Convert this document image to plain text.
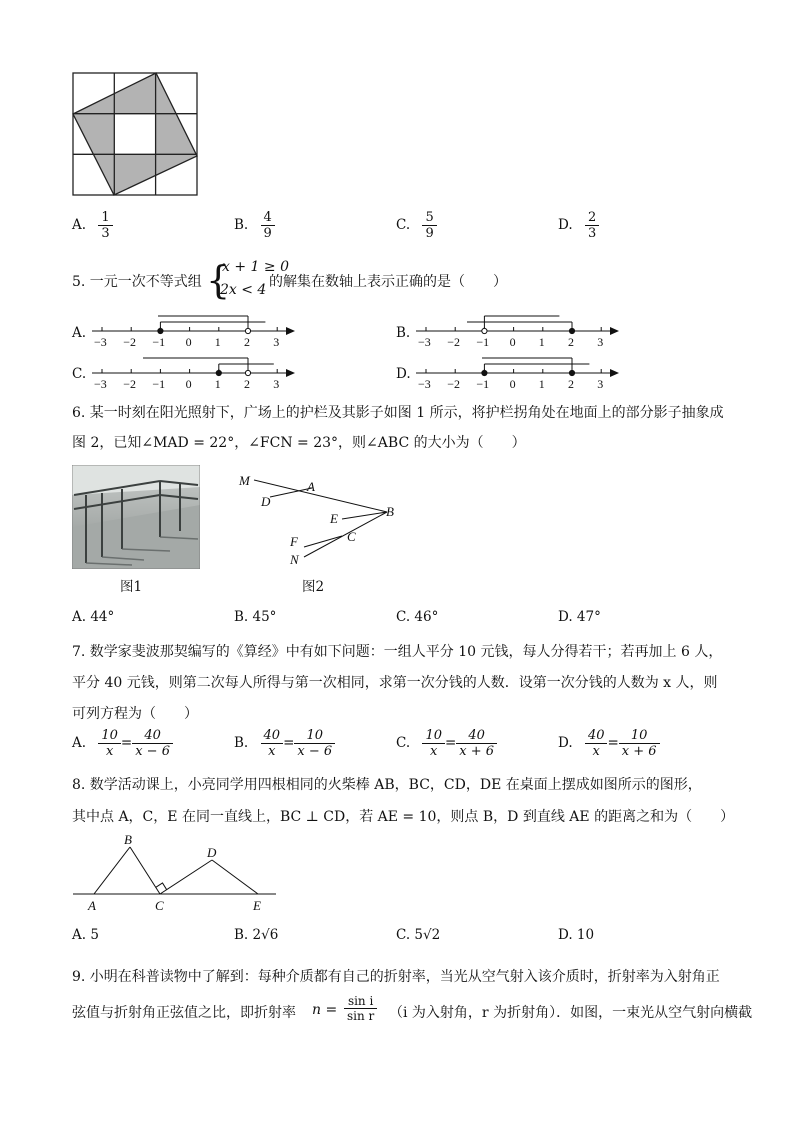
A. $\frac{1}{3}$	B. $\frac{4}{9}$	C. $\frac{5}{9}$	D. $\frac{2}{3}$
5. 一元一次不等式组 {
x + 1 ≥ 0
2x < 4 的解集在数轴上表示正确的是（　　）
A.	B.
C.	D.
−3 −2 −1 0 1 2 3	−3 −2 −1 0 1 2 3
−3 −2 −1 0 1 2 3	−3 −2 −1 0 1 2 3
6. 某一时刻在阳光照射下，广场上的护栏及其影子如图 1 所示，将护栏拐角处在地面上的部分影子抽象成
图 2，已知∠MAD = 22°，∠FCN = 23°，则∠ABC 的大小为（　　）
图1
M	A
D
E	B
F	C
N
图2
A. 44°	B. 45°	C. 46°	D. 47°
7. 数学家斐波那契编写的《算经》中有如下问题：一组人平分 10 元钱，每人分得若干；若再加上 6 人，
平分 40 元钱，则第二次每人所得与第一次相同，求第一次分钱的人数．设第一次分钱的人数为 x 人，则
可列方程为（　　）
A. $\frac{10}{x} = \frac{40}{x - 6}$	B. $\frac{40}{x} = \frac{10}{x - 6}$	C. $\frac{10}{x} = \frac{40}{x + 6}$	D. $\frac{40}{x} = \frac{10}{x + 6}$
8. 数学活动课上，小亮同学用四根相同的火柴棒 AB，BC，CD，DE 在桌面上摆成如图所示的图形，
其中点 A，C，E 在同一直线上，BC ⊥ CD，若 AE = 10，则点 B，D 到直线 AE 的距离之和为（　　）
B
D
A	C	E
A. 5	B. 2√6	C. 5√2	D. 10
9. 小明在科普读物中了解到：每种介质都有自己的折射率，当光从空气射入该介质时，折射率为入射角正
弦值与折射角正弦值之比，即折射率 $n = \frac{\text{sin i}}{\text{sin r}} (i$ 为入射角，r 为折射角）．如图，一束光从空气射向横截
